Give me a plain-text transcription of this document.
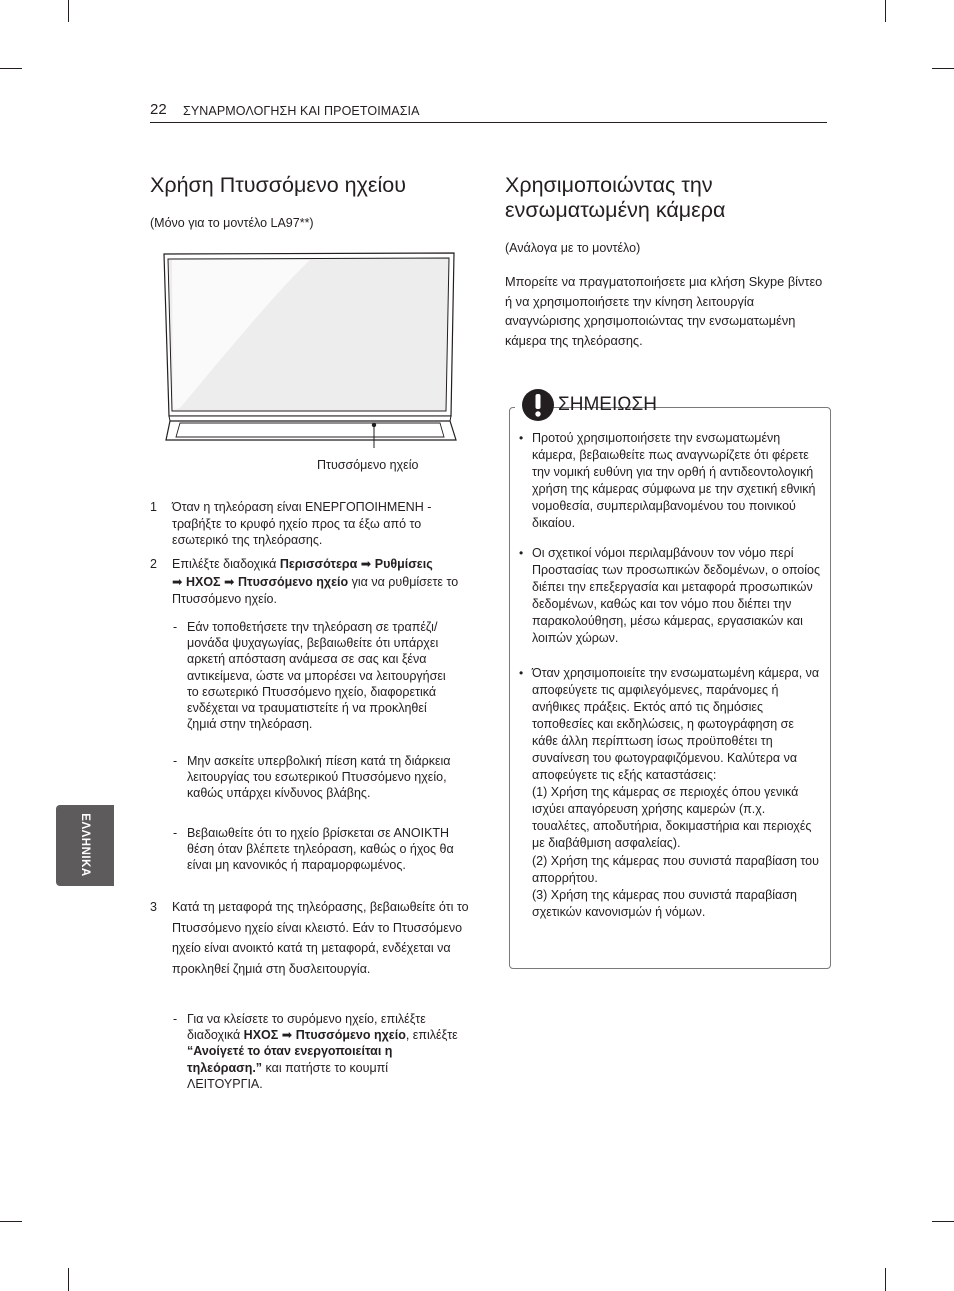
22 ΣΥΝΑΡΜΟΛΟΓΗΣΗ ΚΑΙ ΠΡΟΕΤΟΙΜΑΣΙΑ
ΕΛΛΗΝΙΚΑ
Χρήση Πτυσσόμενο ηχείου
(Μόνο για το μοντέλο LA97**)
Πτυσσόμενο ηχείο
1 Όταν η τηλεόραση είναι ΕΝΕΡΓΟΠΟΙΗΜΕΝΗ - τραβήξτε το κρυφό ηχείο προς τα έξω από το εσωτερικό της τηλεόρασης.
2 Επιλέξτε διαδοχικά Περισσότερα ➡ Ρυθμίσεις
➡ ΗΧΟΣ ➡ Πτυσσόμενο ηχείο για να ρυθμίσετε το Πτυσσόμενο ηχείο.
- Εάν τοποθετήσετε την τηλεόραση σε τραπέζι/μονάδα ψυχαγωγίας, βεβαιωθείτε ότι υπάρχει αρκετή απόσταση ανάμεσα σε σας και ξένα αντικείμενα, ώστε να μπορέσει να λειτουργήσει το εσωτερικό Πτυσσόμενο ηχείο, διαφορετικά ενδέχεται να τραυματιστείτε ή να προκληθεί ζημιά στην τηλεόραση.
- Μην ασκείτε υπερβολική πίεση κατά τη διάρκεια λειτουργίας του εσωτερικού Πτυσσόμενο ηχείο, καθώς υπάρχει κίνδυνος βλάβης.
- Βεβαιωθείτε ότι το ηχείο βρίσκεται σε ΑΝΟΙΚΤΗ θέση όταν βλέπετε τηλεόραση, καθώς ο ήχος θα είναι μη κανονικός ή παραμορφωμένος.
3 Κατά τη μεταφορά της τηλεόρασης, βεβαιωθείτε ότι το Πτυσσόμενο ηχείο είναι κλειστό. Εάν το Πτυσσόμενο ηχείο είναι ανοικτό κατά τη μεταφορά, ενδέχεται να προκληθεί ζημιά στη δυσλειτουργία.
- Για να κλείσετε το συρόμενο ηχείο, επιλέξτε διαδοχικά ΗΧΟΣ ➡ Πτυσσόμενο ηχείο, επιλέξτε “Ανοίγετέ το όταν ενεργοποιείται η τηλεόραση.” και πατήστε το κουμπί ΛΕΙΤΟΥΡΓΙΑ.
Χρησιμοποιώντας την
ενσωματωμένη κάμερα
(Ανάλογα με το μοντέλο)
Μπορείτε να πραγματοποιήσετε μια κλήση Skype βίντεο ή να χρησιμοποιήσετε την κίνηση λειτουργία αναγνώρισης χρησιμοποιώντας την ενσωματωμένη κάμερα της τηλεόρασης.
ΣΗΜΕΙΩΣΗ
• Προτού χρησιμοποιήσετε την ενσωματωμένη κάμερα, βεβαιωθείτε πως αναγνωρίζετε ότι φέρετε την νομική ευθύνη για την ορθή ή αντιδεοντολογική χρήση της κάμερας σύμφωνα με την σχετική εθνική νομοθεσία, συμπεριλαμβανομένου του ποινικού δικαίου.
• Οι σχετικοί νόμοι περιλαμβάνουν τον νόμο περί Προστασίας των προσωπικών δεδομένων, ο οποίος διέπει την επεξεργασία και μεταφορά προσωπικών δεδομένων, καθώς και τον νόμο που διέπει την παρακολούθηση, μέσω κάμερας, εργασιακών και λοιπών χώρων.
• Όταν χρησιμοποιείτε την ενσωματωμένη κάμερα, να αποφεύγετε τις αμφιλεγόμενες, παράνομες ή ανήθικες πράξεις. Εκτός από τις δημόσιες τοποθεσίες και εκδηλώσεις, η φωτογράφηση σε κάθε άλλη περίπτωση ίσως προϋποθέτει τη συναίνεση του φωτογραφιζόμενου. Καλύτερα να αποφεύγετε τις εξής καταστάσεις:
(1) Χρήση της κάμερας σε περιοχές όπου γενικά ισχύει απαγόρευση χρήσης καμερών (π.χ. τουαλέτες, αποδυτήρια, δοκιμαστήρια και περιοχές με διαβάθμιση ασφαλείας).
(2) Χρήση της κάμερας που συνιστά παραβίαση του απορρήτου.
(3) Χρήση της κάμερας που συνιστά παραβίαση σχετικών κανονισμών ή νόμων.
